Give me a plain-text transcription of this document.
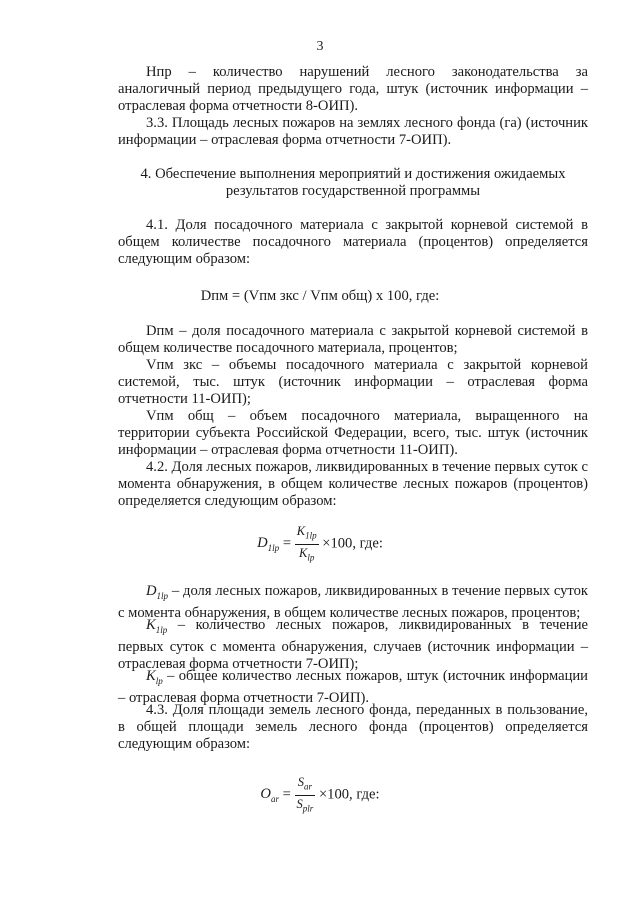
3

Нпр – количество нарушений лесного законодательства за аналогичный период предыдущего года, штук (источник информации – отраслевая форма отчетности 8-ОИП).

3.3. Площадь лесных пожаров на землях лесного фонда (га) (источник информации – отраслевая форма отчетности 7-ОИП).

4. Обеспечение выполнения мероприятий и достижения ожидаемых
результатов государственной программы

4.1. Доля посадочного материала с закрытой корневой системой в общем количестве посадочного материала (процентов) определяется следующим образом:

Dпм = (Vпм зкс / Vпм общ) х 100, где:

Dпм – доля посадочного материала с закрытой корневой системой в общем количестве посадочного материала, процентов;

Vпм зкс – объемы посадочного материала с закрытой корневой системой, тыс. штук (источник информации – отраслевая форма отчетности 11-ОИП);

Vпм общ – объем посадочного материала, выращенного на территории субъекта Российской Федерации, всего, тыс. штук (источник информации – отраслевая форма отчетности 11-ОИП).

4.2. Доля лесных пожаров, ликвидированных в течение первых суток с момента обнаружения, в общем количестве лесных пожаров (процентов) определяется следующим образом:

$D_{1lp} = \frac{K_{1lp}}{K_{lp}} \times 100$, где:

$D_{1lp}$ – доля лесных пожаров, ликвидированных в течение первых суток с момента обнаружения, в общем количестве лесных пожаров, процентов;

$K_{1lp}$ – количество лесных пожаров, ликвидированных в течение первых суток с момента обнаружения, случаев (источник информации – отраслевая форма отчетности 7-ОИП);

$K_{lp}$ – общее количество лесных пожаров, штук (источник информации – отраслевая форма отчетности 7-ОИП).

4.3. Доля площади земель лесного фонда, переданных в пользование, в общей площади земель лесного фонда (процентов) определяется следующим образом:

$O_{ar} = \frac{S_{ar}}{S_{plr}} \times 100$, где:
